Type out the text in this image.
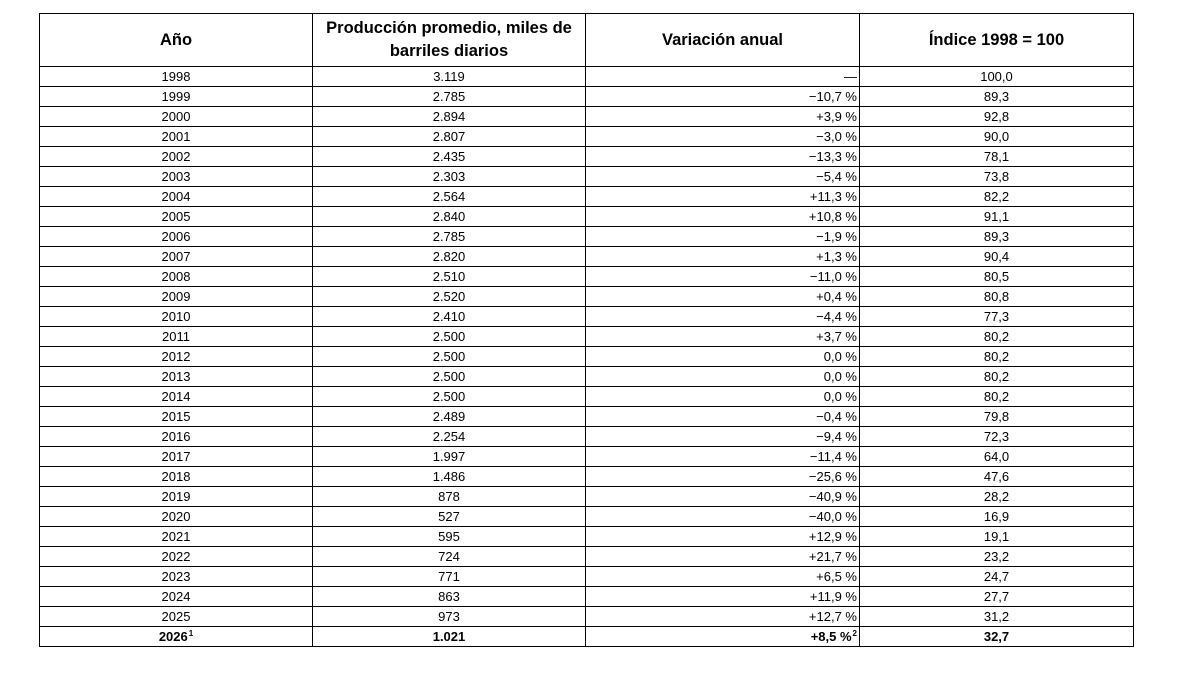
Año	Producción promedio, miles de barriles diarios	Variación anual	Índice 1998 = 100
1998	3.119	—	100,0
1999	2.785	−10,7 %	89,3
2000	2.894	+3,9 %	92,8
2001	2.807	−3,0 %	90,0
2002	2.435	−13,3 %	78,1
2003	2.303	−5,4 %	73,8
2004	2.564	+11,3 %	82,2
2005	2.840	+10,8 %	91,1
2006	2.785	−1,9 %	89,3
2007	2.820	+1,3 %	90,4
2008	2.510	−11,0 %	80,5
2009	2.520	+0,4 %	80,8
2010	2.410	−4,4 %	77,3
2011	2.500	+3,7 %	80,2
2012	2.500	0,0 %	80,2
2013	2.500	0,0 %	80,2
2014	2.500	0,0 %	80,2
2015	2.489	−0,4 %	79,8
2016	2.254	−9,4 %	72,3
2017	1.997	−11,4 %	64,0
2018	1.486	−25,6 %	47,6
2019	878	−40,9 %	28,2
2020	527	−40,0 %	16,9
2021	595	+12,9 %	19,1
2022	724	+21,7 %	23,2
2023	771	+6,5 %	24,7
2024	863	+11,9 %	27,7
2025	973	+12,7 %	31,2
2026$^1$	1.021	+8,5 %$^2$	32,7
